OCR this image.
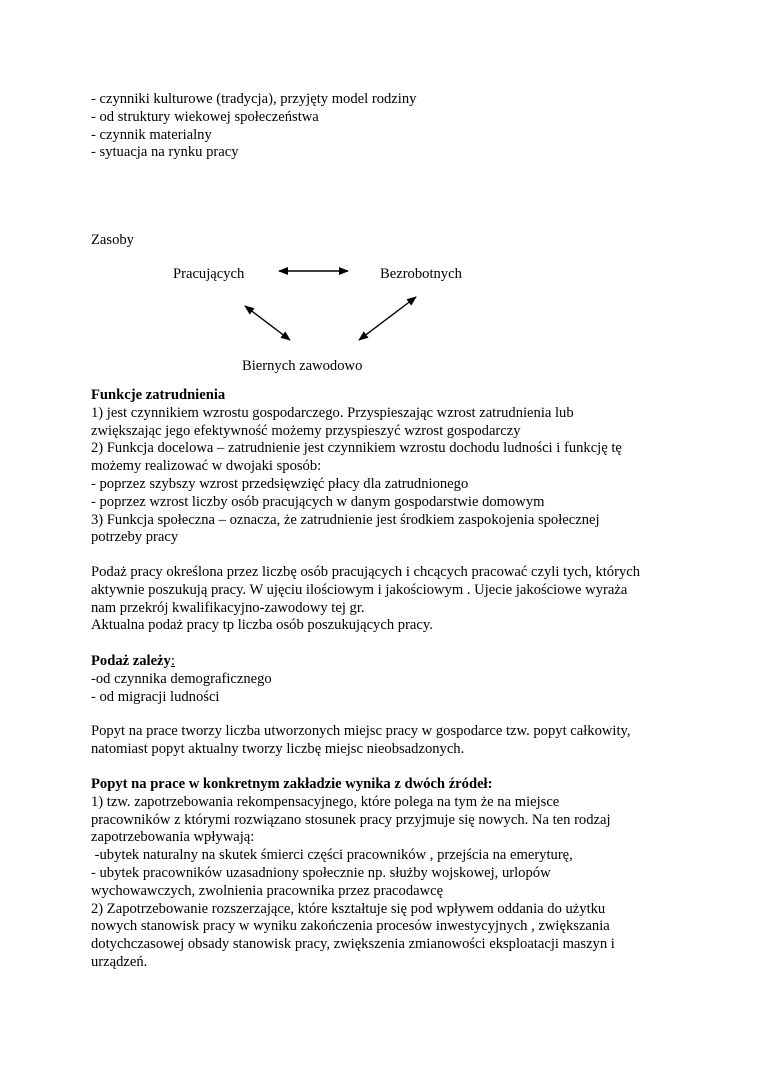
- czynniki kulturowe (tradycja), przyjęty model rodziny

- od struktury wiekowej społeczeństwa

- czynnik materialny

- sytuacja na rynku pracy

Zasoby
Pracujących	Bezrobotnych
Biernych zawodowo

Funkcje zatrudnienia

1) jest czynnikiem wzrostu gospodarczego. Przyspieszając wzrost zatrudnienia lub

zwiększając jego efektywność możemy przyspieszyć wzrost gospodarczy

2) Funkcja docelowa – zatrudnienie jest czynnikiem wzrostu dochodu ludności i funkcję tę

możemy realizować w dwojaki sposób:

- poprzez szybszy wzrost przedsięwzięć płacy dla zatrudnionego

- poprzez wzrost liczby osób pracujących w danym gospodarstwie domowym

3) Funkcja społeczna – oznacza, że zatrudnienie jest środkiem zaspokojenia społecznej

potrzeby pracy

Podaż pracy określona przez liczbę osób pracujących i chcących pracować czyli tych, których

aktywnie poszukują pracy. W ujęciu ilościowym i jakościowym . Ujecie jakościowe wyraża

nam przekrój kwalifikacyjno-zawodowy tej gr.

Aktualna podaż pracy tp liczba osób poszukujących pracy.

Podaż zależy:

-od czynnika demograficznego

- od migracji ludności

Popyt na prace tworzy liczba utworzonych miejsc pracy w gospodarce tzw. popyt całkowity,

natomiast popyt aktualny tworzy liczbę miejsc nieobsadzonych.

Popyt na prace w konkretnym zakładzie wynika z dwóch źródeł:

1) tzw. zapotrzebowania rekompensacyjnego, które polega na tym że na miejsce

pracowników z którymi rozwiązano stosunek pracy przyjmuje się nowych. Na ten rodzaj

zapotrzebowania wpływają:

-ubytek naturalny na skutek śmierci części pracowników , przejścia na emeryturę,

- ubytek pracowników uzasadniony społecznie np. służby wojskowej, urlopów

wychowawczych, zwolnienia pracownika przez pracodawcę

2) Zapotrzebowanie rozszerzające, które kształtuje się pod wpływem oddania do użytku

nowych stanowisk pracy w wyniku zakończenia procesów inwestycyjnych , zwiększania

dotychczasowej obsady stanowisk pracy, zwiększenia zmianowości eksploatacji maszyn i

urządzeń.
